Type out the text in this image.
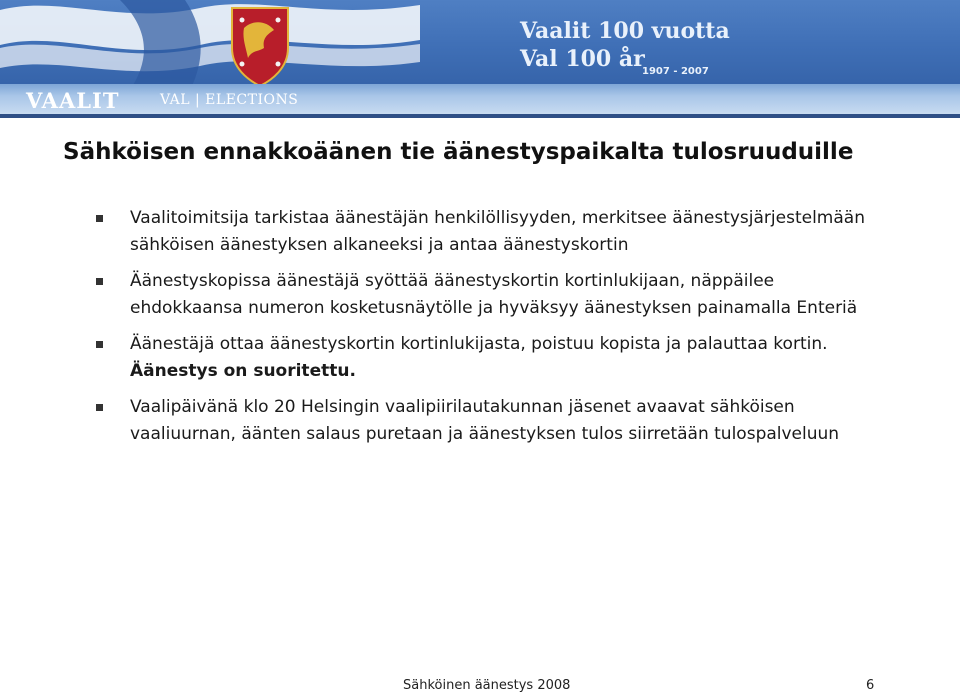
VAALIT	VAL | ELECTIONS
Vaalit 100 vuotta
Val 100 år
1907 - 2007
Sähköisen ennakkoäänen tie äänestyspaikalta tulosruuduille
Vaalitoimitsija tarkistaa äänestäjän henkilöllisyyden, merkitsee äänestysjärjestelmään sähköisen äänestyksen alkaneeksi ja antaa äänestyskortin
Äänestyskopissa äänestäjä syöttää äänestyskortin kortinlukijaan, näppäilee ehdokkaansa numeron kosketusnäytölle ja hyväksyy äänestyksen painamalla Enteriä
Äänestäjä ottaa äänestyskortin kortinlukijasta, poistuu kopista ja palauttaa kortin. Äänestys on suoritettu.
Vaalipäivänä klo 20 Helsingin vaalipiirilautakunnan jäsenet avaavat sähköisen vaaliuurnan, äänten salaus puretaan ja äänestyksen tulos siirretään tulospalveluun
Sähköinen äänestys 2008	6
